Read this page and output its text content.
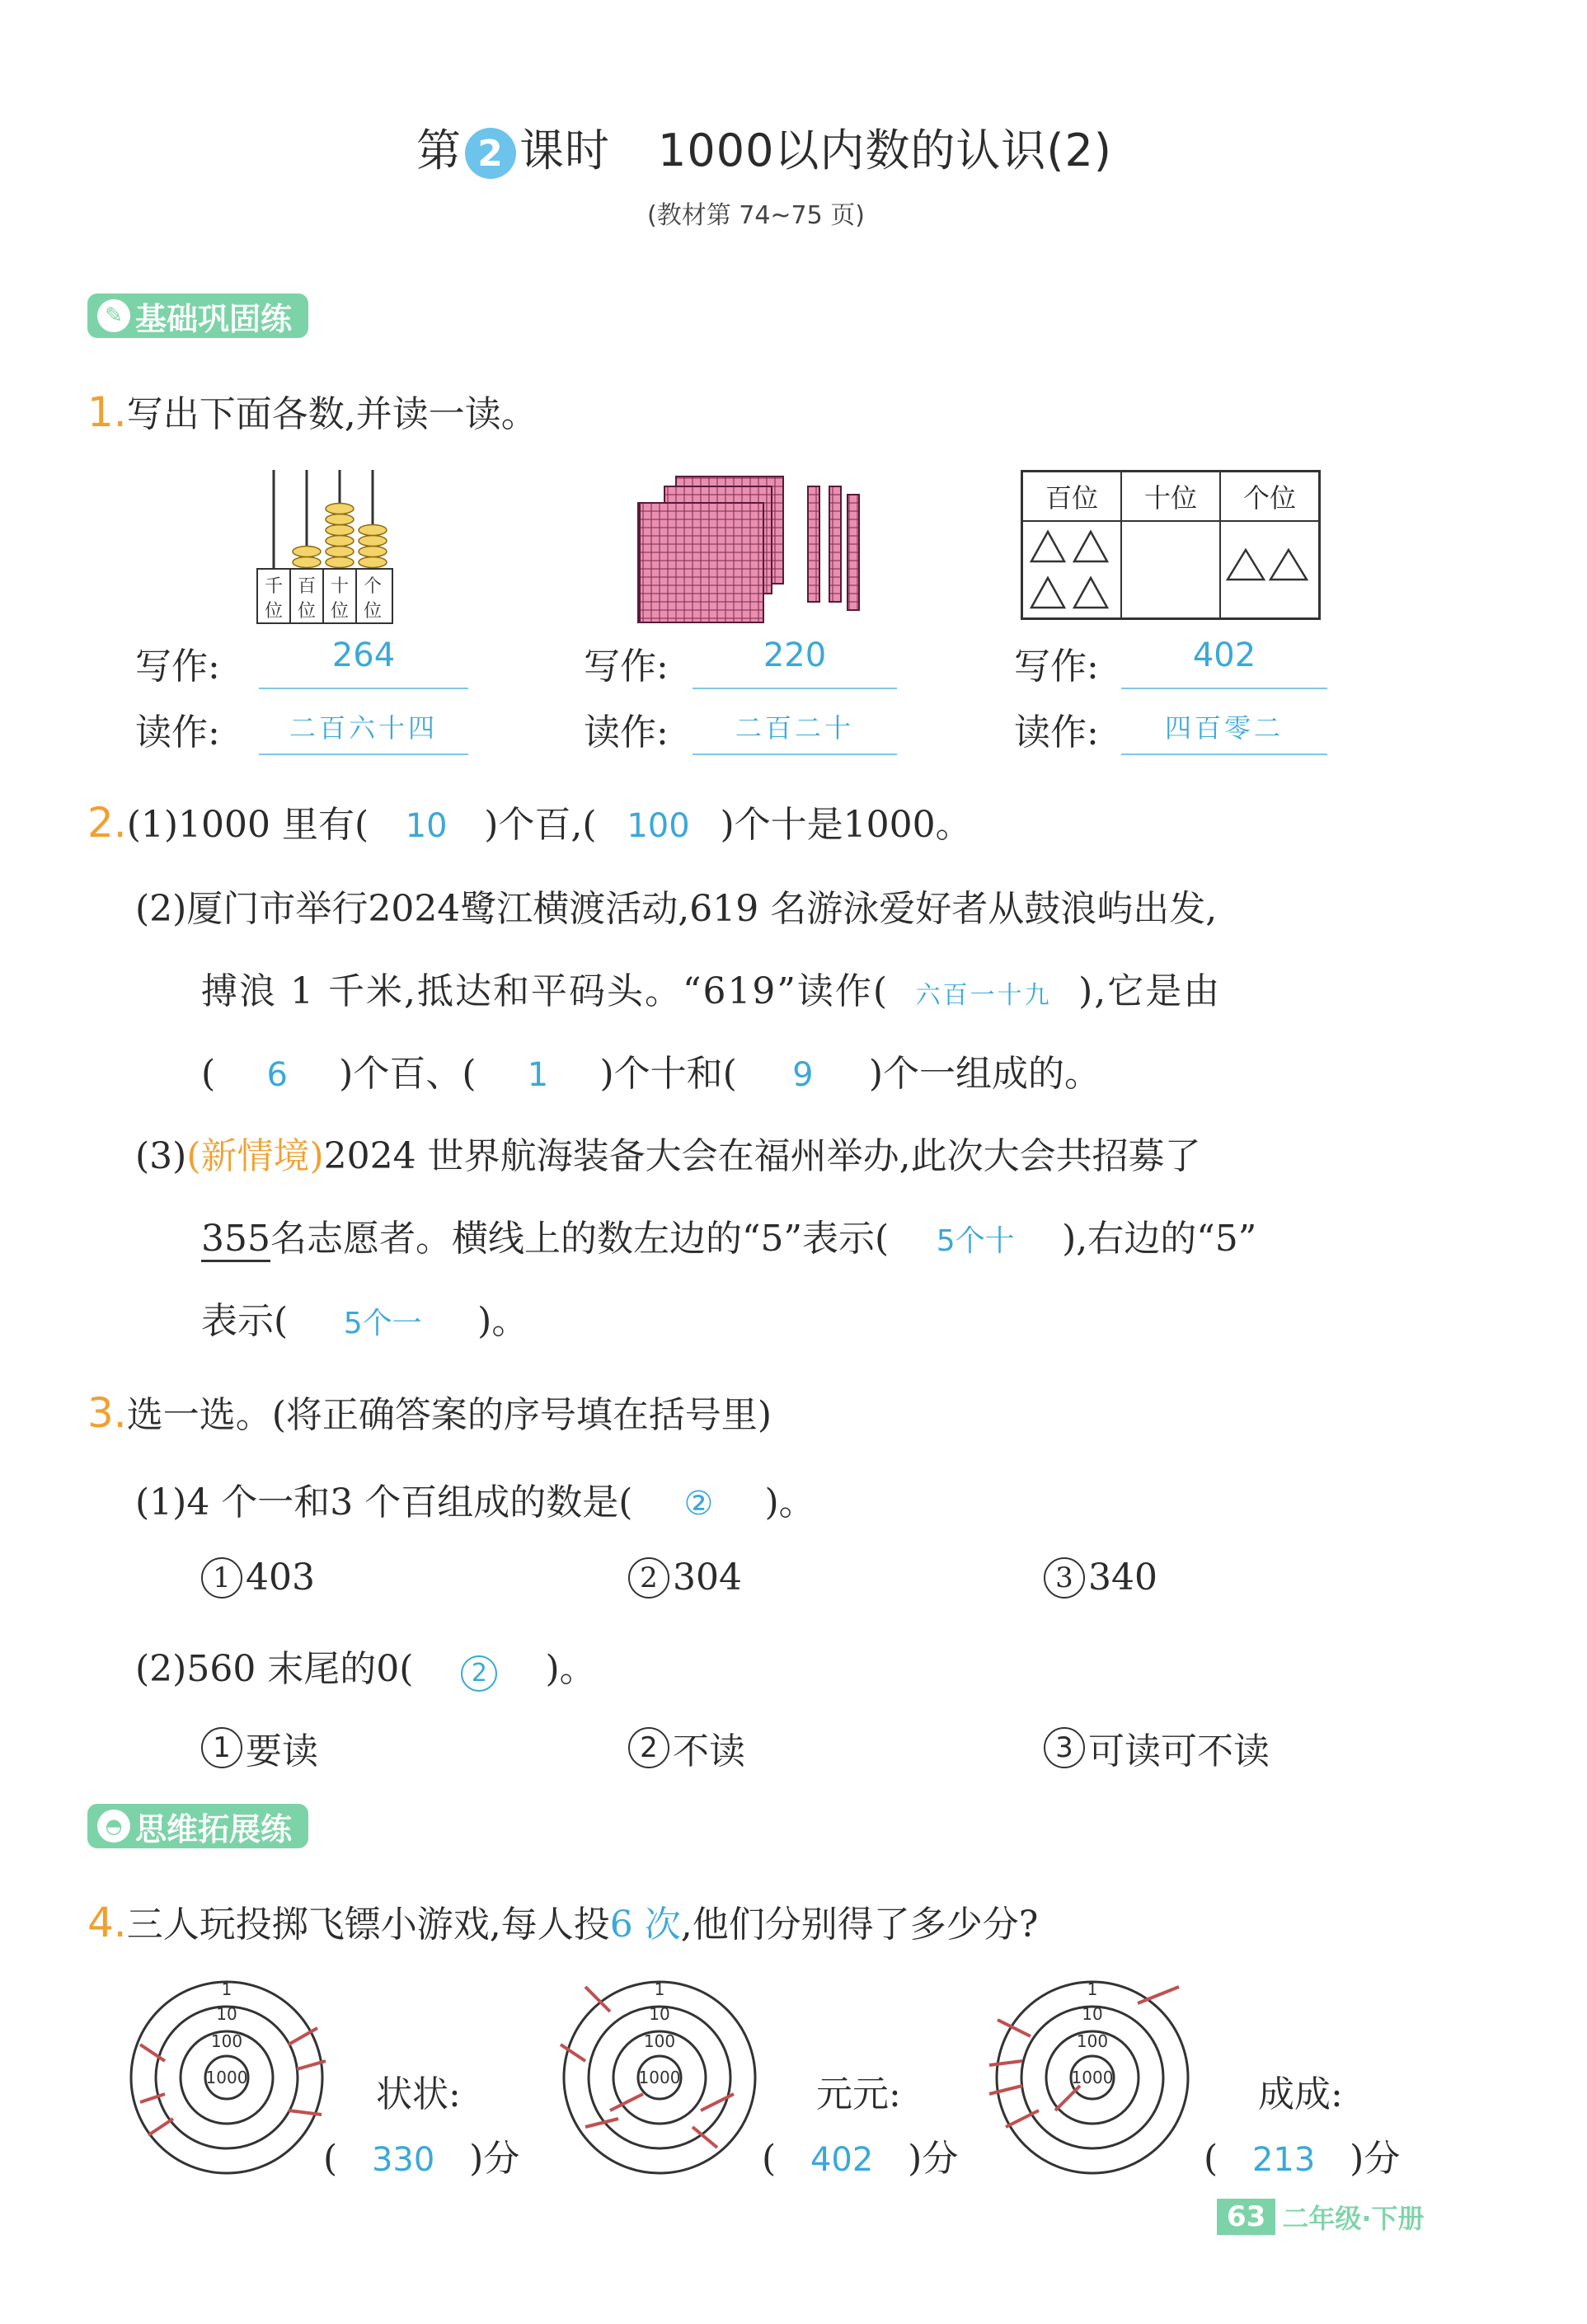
第 2 课时 1000以内数的认识(2)
(教材第 74~75 页)
✎ 基础巩固练
1.写出下面各数,并读一读。
千
位
百
位
十
位
个
位
百位	十位	个位
写作:	264
读作:	二百六十四
写作:	220
读作:	二百二十
写作:	402
读作:	四百零二
2.(1)1000 里有( 10 )个百,( 100 )个十是1000。
(2)厦门市举行2024鹭江横渡活动,619 名游泳爱好者从鼓浪屿出发,
搏浪 1 千米,抵达和平码头。“619”读作( 六百一十九 ),它是由
( 6 )个百、( 1 )个十和( 9 )个一组成的。
(3)(新情境)2024 世界航海装备大会在福州举办,此次大会共招募了
355名志愿者。横线上的数左边的“5”表示( 5个十 ),右边的“5”
表示( 5个一 )。
3.选一选。(将正确答案的序号填在括号里)
(1)4 个一和3 个百组成的数是( ② )。
1 403	2 304	3 340
(2)560 末尾的0( 2 )。
1 要读	2 不读	3 可读可不读
◓ 思维拓展练
4.三人玩投掷飞镖小游戏,每人投6 次,他们分别得了多少分?
1
10
100
1000
1
10
100
1000
1
10
100
1000
状状:
( 330 )分
元元:
( 402 )分
成成:
( 213 )分
63 二年级·下册
